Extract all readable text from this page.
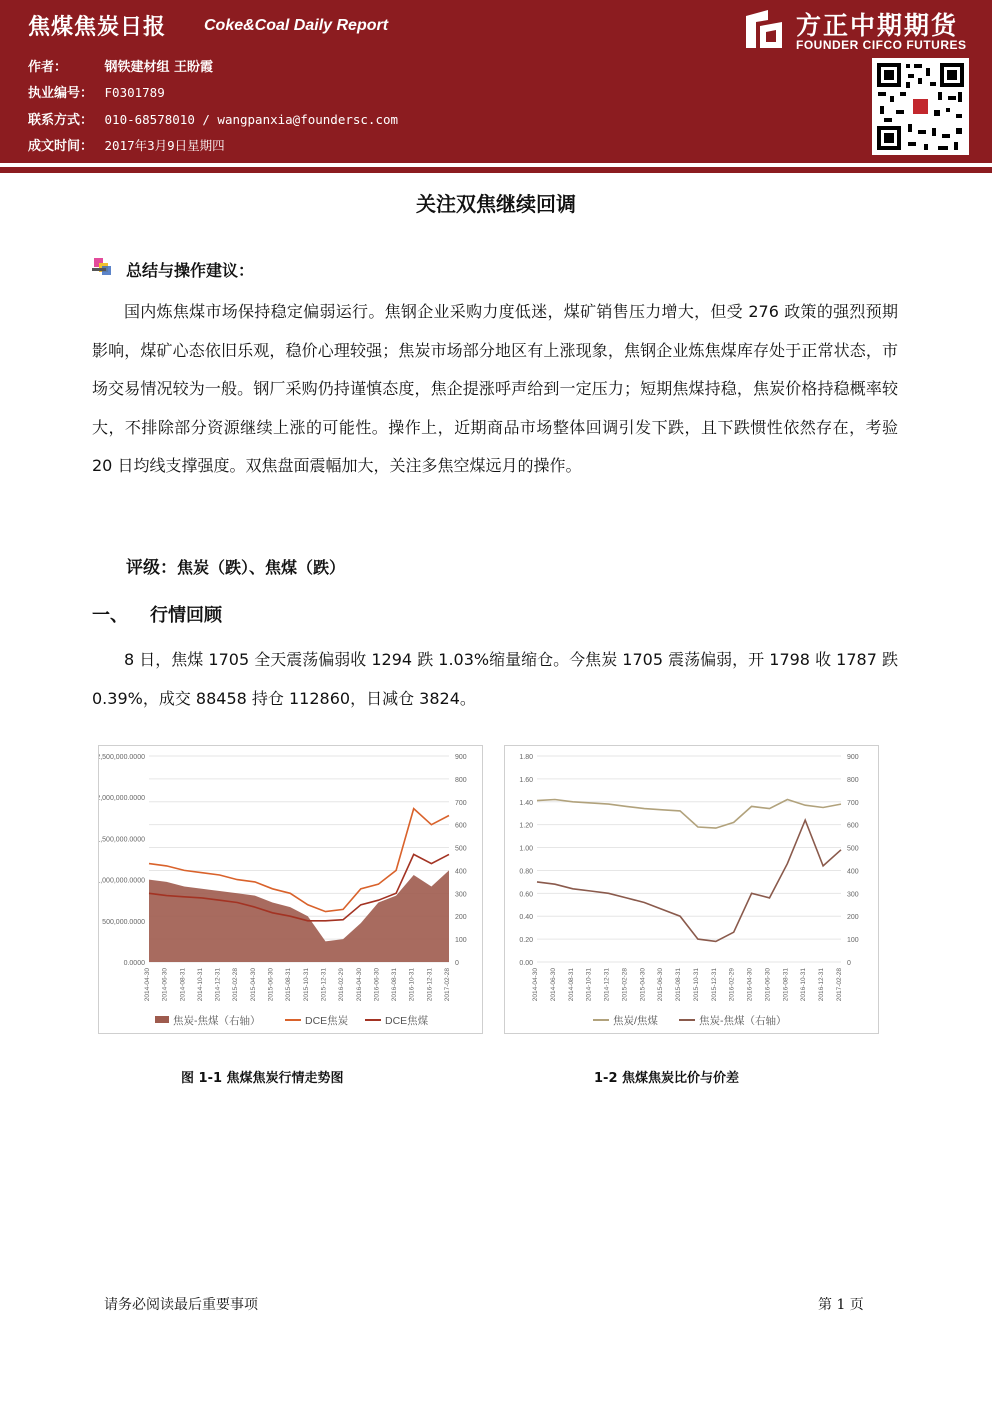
焦煤焦炭日报 Coke&Coal Daily Report
作者：	钢铁建材组 王盼霞
执业编号： F0301789
联系方式： 010-68578010 / wangpanxia@foundersc.com
成文时间： 2017年3月9日星期四
方正中期期货
FOUNDER CIFCO FUTURES
关注双焦继续回调
总结与操作建议：

国内炼焦煤市场保持稳定偏弱运行。焦钢企业采购力度低迷，煤矿销售压力增大，但受 276 政策的强烈预期影响，煤矿心态依旧乐观，稳价心理较强；焦炭市场部分地区有上涨现象，焦钢企业炼焦煤库存处于正常状态，市场交易情况较为一般。钢厂采购仍持谨慎态度，焦企提涨呼声给到一定压力；短期焦煤持稳，焦炭价格持稳概率较大，不排除部分资源继续上涨的可能性。操作上，近期商品市场整体回调引发下跌，且下跌惯性依然存在，考验 20 日均线支撑强度。双焦盘面震幅加大，关注多焦空煤远月的操作。

评级：焦炭（跌）、焦煤（跌）
一、 行情回顾

8 日，焦煤 1705 全天震荡偏弱收 1294 跌 1.03%缩量缩仓。今焦炭 1705 震荡偏弱，开 1798 收 1787 跌 0.39%，成交 88458 持仓 112860，日减仓 3824。

0
100
200
300
400
500
600
700
800
900
0.0000
500,000.0000
1,000,000.0000
1,500,000.0000
2,000,000.0000
2,500,000.0000
2014-04-30 2014-06-30 2014-08-31 2014-10-31 2014-12-31 2015-02-28 2015-04-30 2015-06-30 2015-08-31 2015-10-31 2015-12-31 2016-02-29 2016-04-30 2016-06-30 2016-08-31 2016-10-31 2016-12-31 2017-02-28
焦炭-焦煤（右轴）	DCE焦炭	DCE焦煤
图 1-1 焦煤焦炭行情走势图
0
100
200
300
400
500
600
700
800
900
0.00
0.20
0.40
0.60
0.80
1.00
1.20
1.40
1.60
1.80
2014-04-30 2014-06-30 2014-08-31 2014-10-31 2014-12-31 2015-02-28 2015-04-30 2015-06-30 2015-08-31 2015-10-31 2015-12-31 2016-02-29 2016-04-30 2016-06-30 2016-08-31 2016-10-31 2016-12-31 2017-02-28
焦炭/焦煤	焦炭-焦煤（右轴）
1-2 焦煤焦炭比价与价差
请务必阅读最后重要事项	第 1 页
